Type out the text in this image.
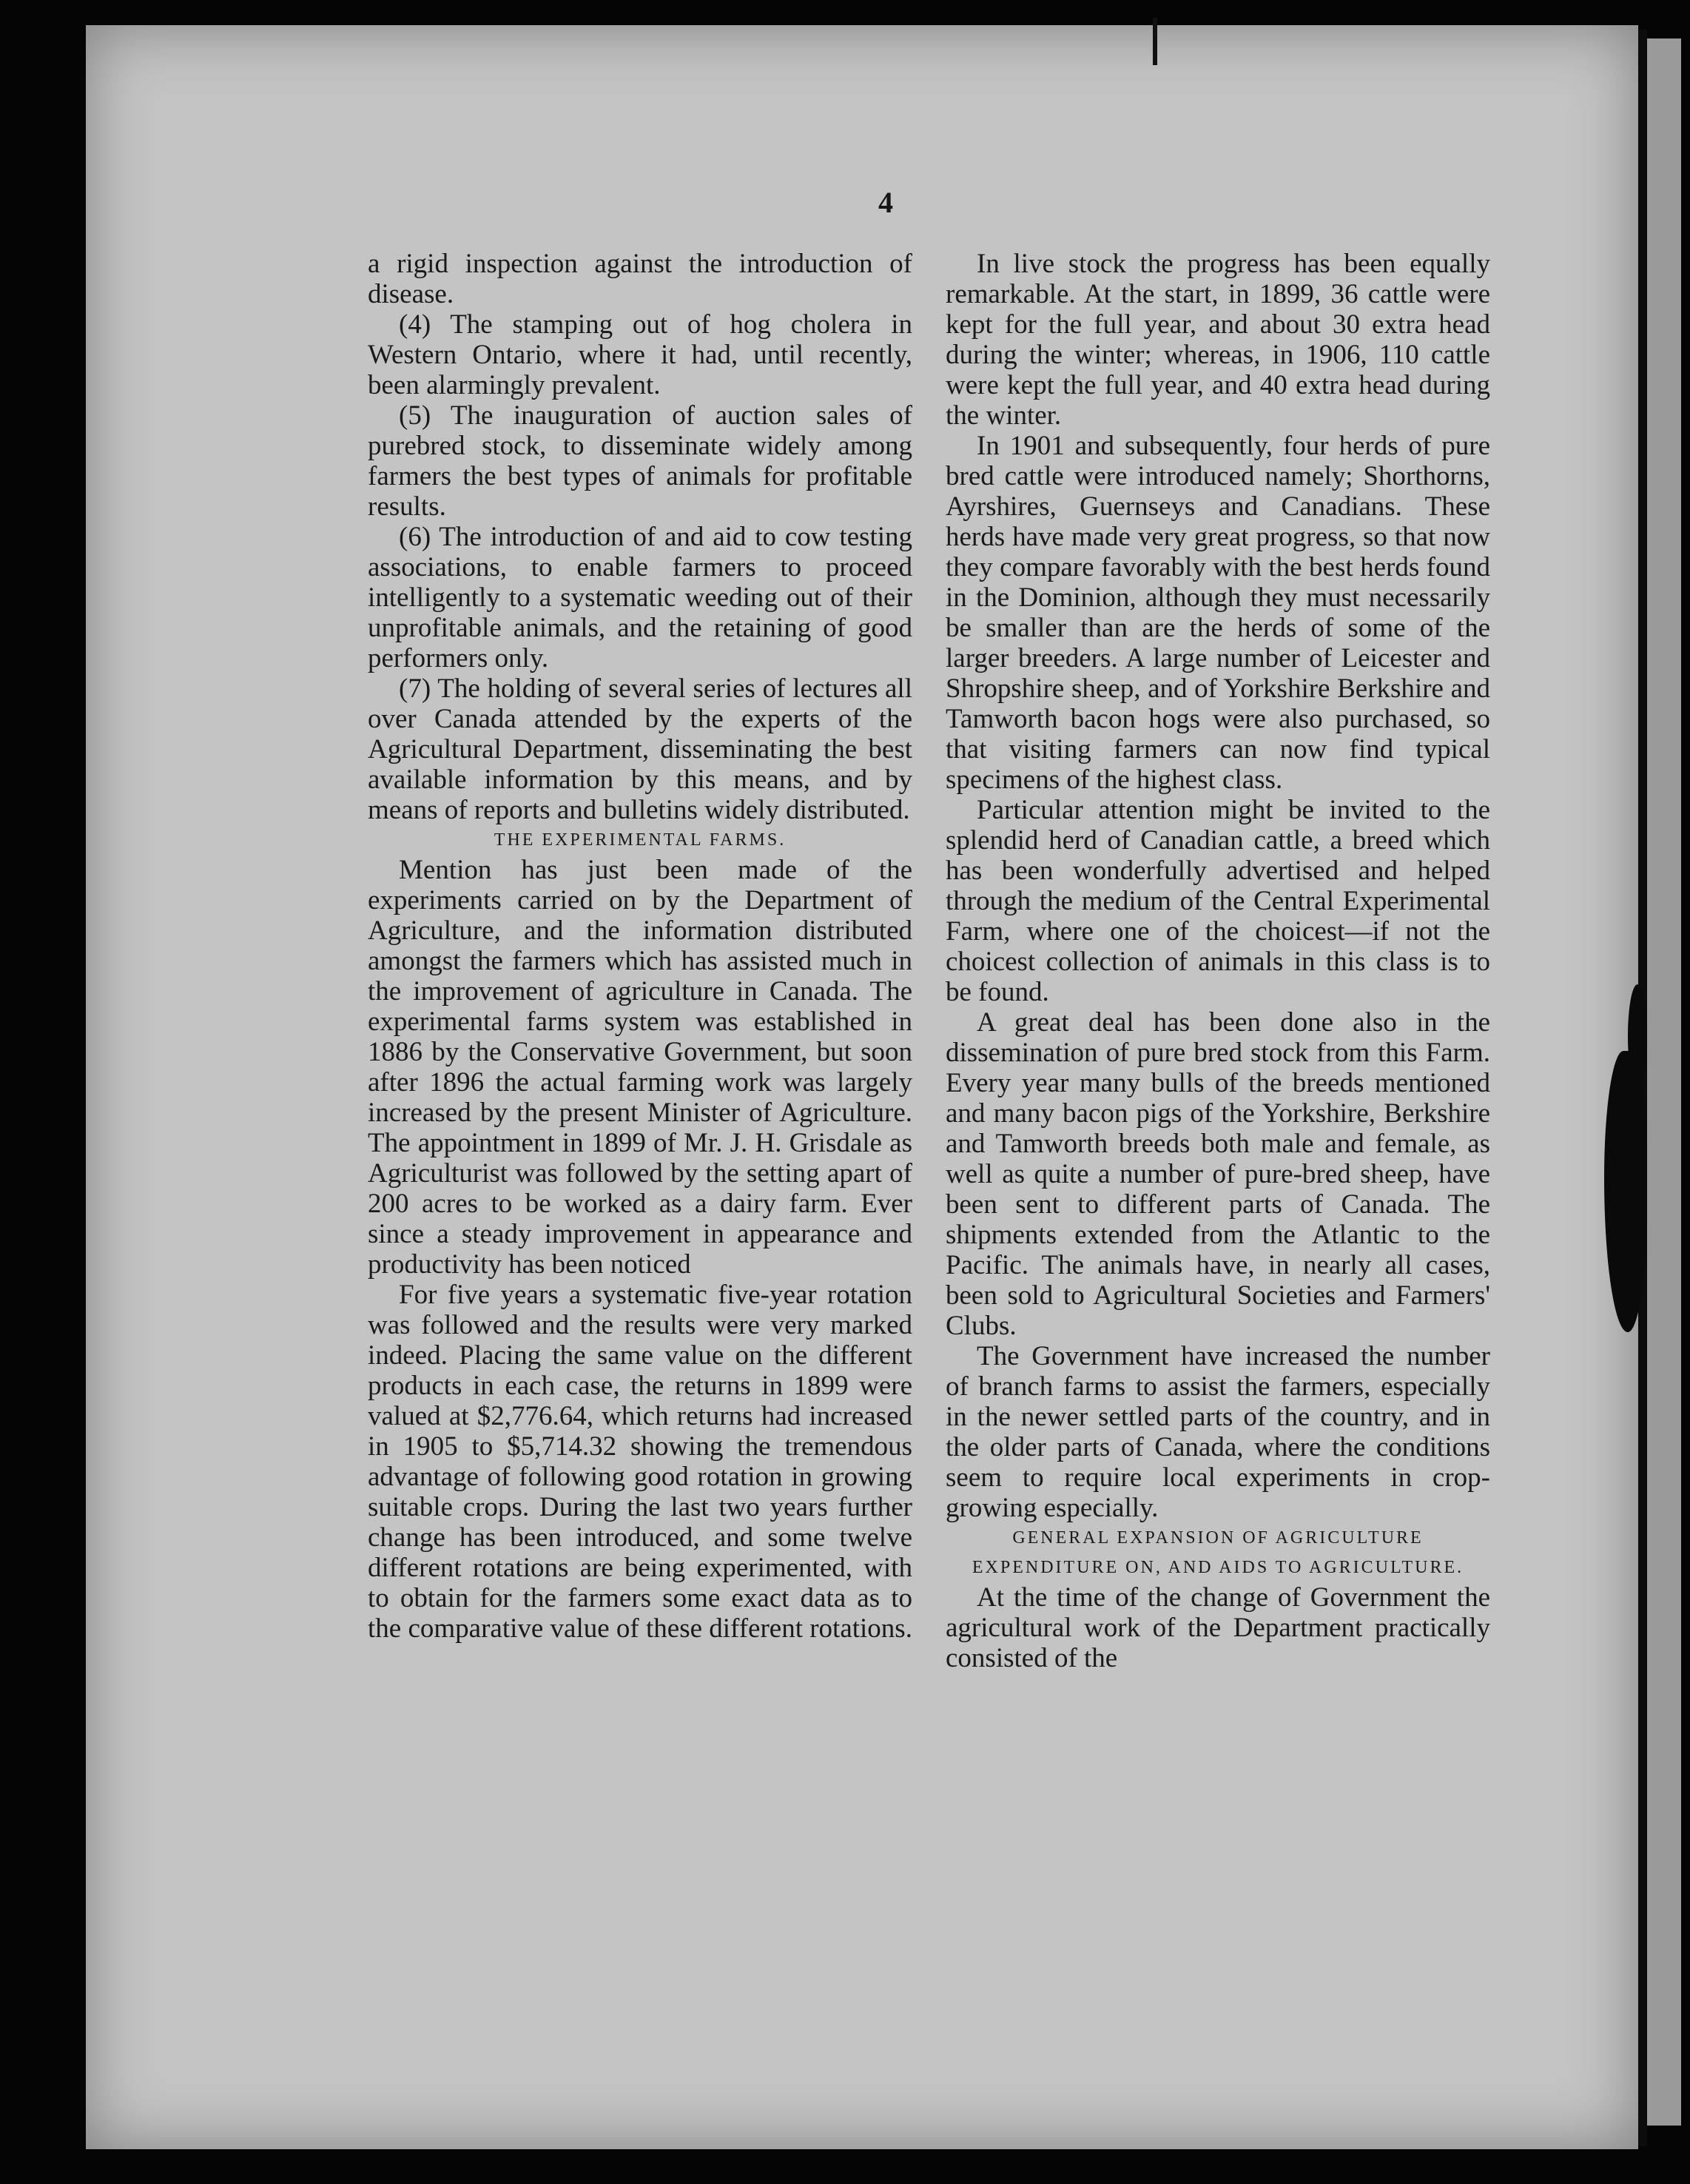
4

a rigid inspection against the introduction of disease.

(4) The stamping out of hog cholera in Western Ontario, where it had, until recently, been alarmingly prevalent.

(5) The inauguration of auction sales of purebred stock, to disseminate widely among farmers the best types of animals for profitable results.

(6) The introduction of and aid to cow testing associations, to enable farmers to proceed intelligently to a systematic weeding out of their unprofitable animals, and the retaining of good performers only.

(7) The holding of several series of lectures all over Canada attended by the experts of the Agricultural Department, disseminating the best available information by this means, and by means of reports and bulletins widely distributed.

THE EXPERIMENTAL FARMS.

Mention has just been made of the experiments carried on by the Department of Agriculture, and the information distributed amongst the farmers which has assisted much in the improvement of agriculture in Canada. The experimental farms system was established in 1886 by the Conservative Government, but soon after 1896 the actual farming work was largely increased by the present Minister of Agriculture. The appointment in 1899 of Mr. J. H. Grisdale as Agriculturist was followed by the setting apart of 200 acres to be worked as a dairy farm. Ever since a steady improvement in appearance and productivity has been noticed

For five years a systematic five-year rotation was followed and the results were very marked indeed. Placing the same value on the different products in each case, the returns in 1899 were valued at $2,776.64, which returns had increased in 1905 to $5,714.32 showing the tremendous advantage of following good rotation in growing suitable crops. During the last two years further change has been introduced, and some twelve different rotations are being experimented, with to obtain for the farmers some exact data as to the comparative value of these different rotations.

In live stock the progress has been equally remarkable. At the start, in 1899, 36 cattle were kept for the full year, and about 30 extra head during the winter; whereas, in 1906, 110 cattle were kept the full year, and 40 extra head during the winter.

In 1901 and subsequently, four herds of pure bred cattle were introduced namely; Shorthorns, Ayrshires, Guernseys and Canadians. These herds have made very great progress, so that now they compare favorably with the best herds found in the Dominion, although they must necessarily be smaller than are the herds of some of the larger breeders. A large number of Leicester and Shropshire sheep, and of Yorkshire Berkshire and Tamworth bacon hogs were also purchased, so that visiting farmers can now find typical specimens of the highest class.

Particular attention might be invited to the splendid herd of Canadian cattle, a breed which has been wonderfully advertised and helped through the medium of the Central Experimental Farm, where one of the choicest—if not the choicest collection of animals in this class is to be found.

A great deal has been done also in the dissemination of pure bred stock from this Farm. Every year many bulls of the breeds mentioned and many bacon pigs of the Yorkshire, Berkshire and Tamworth breeds both male and female, as well as quite a number of pure-bred sheep, have been sent to different parts of Canada. The shipments extended from the Atlantic to the Pacific. The animals have, in nearly all cases, been sold to Agricultural Societies and Farmers' Clubs.

The Government have increased the number of branch farms to assist the farmers, especially in the newer settled parts of the country, and in the older parts of Canada, where the conditions seem to require local experiments in crop-growing especially.

GENERAL EXPANSION OF AGRICULTURE EXPENDITURE ON, AND AIDS TO AGRICULTURE.

At the time of the change of Government the agricultural work of the Department practically consisted of the
